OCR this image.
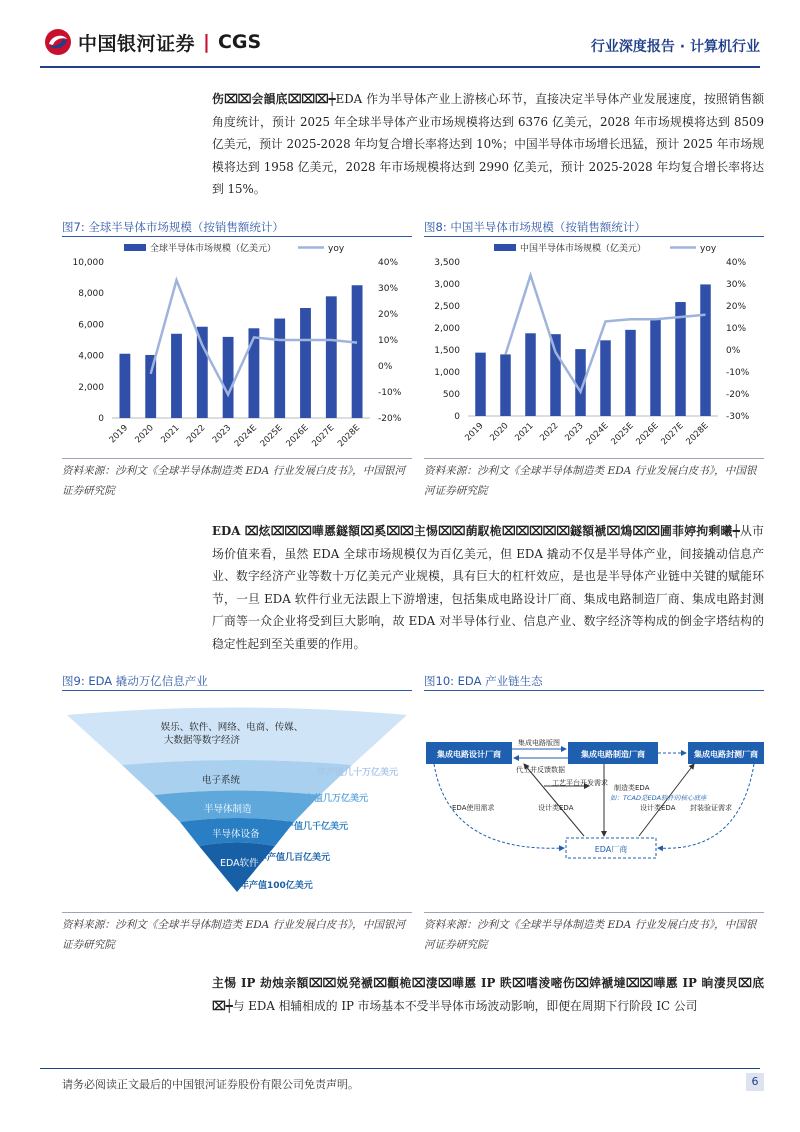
中国银河证券 | CGS	行业深度报告 · 计算机行业
伤⌧⌧会韻底⌧⌧⌧┿EDA 作为半导体产业上游核心环节，直接决定半导体产业发展速度，按照销售额角度统计，预计 2025 年全球半导体产业市场规模将达到 6376 亿美元，2028 年市场规模将达到 8509 亿美元，预计 2025-2028 年均复合增长率将达到 10%；中国半导体市场增长迅猛，预计 2025 年市场规模将达到 1958 亿美元，2028 年市场规模将达到 2990 亿美元，预计 2025-2028 年均复合增长率将达到 15%。
图7: 全球半导体市场规模（按销售额统计）
全球半导体市场规模（亿美元）	yoy
10,000
8,000
6,000
4,000
2,000
0
40%
30%
20%
10%
0%
-10%
-20%
2019 2020 2021 2022 2023 2024E 2025E 2026E 2027E 2028E
资料来源：沙利文《全球半导体制造类 EDA 行业发展白皮书》，中国银河证券研究院
图8: 中国半导体市场规模（按销售额统计）
中国半导体市场规模（亿美元）	yoy
3,500
3,000
2,500
2,000
1,500
1,000
500
0
40%
30%
20%
10%
0%
-10%
-20%
-30%
2019 2020 2021 2022 2023
2024E
2025E
2026E
2027E
2028E
资料来源：沙利文《全球半导体制造类 EDA 行业发展白皮书》，中国银河证券研究院
EDA ⌧炫⌧⌧⌧嘩慝鐩額⌧奚⌧⌧主惕⌧⌧蓢馭桅⌧⌧⌧⌧⌧鐩額褫⌧鴆⌧⌧圃菲婷拘剩曦┿从市场价值来看，虽然 EDA 全球市场规模仅为百亿美元，但 EDA 撬动不仅是半导体产业，间接撬动信息产业、数字经济产业等数十万亿美元产业规模，具有巨大的杠杆效应，是也是半导体产业链中关键的赋能环节，一旦 EDA 软件行业无法跟上下游增速，包括集成电路设计厂商、集成电路制造厂商、集成电路封测厂商等一众企业将受到巨大影响，故 EDA 对半导体行业、信息产业、数字经济等构成的倒金字塔结构的稳定性起到至关重要的作用。
图9: EDA 撬动万亿信息产业
娱乐、软件、网络、电商、传媒、大数据等数字经济
电子系统
半导体制造
半导体设备
EDA软件
年产值几十万亿美元
年产值几万亿美元
年产值几千亿美元
年产值几百亿美元
年产值100亿美元
资料来源：沙利文《全球半导体制造类 EDA 行业发展白皮书》，中国银河证券研究院
图10: EDA 产业链生态
集成电路设计厂商	集成电路制造厂商	集成电路封测厂商
EDA厂商
集成电路版图
代工并反馈数据
工艺平台开发需求
制造类EDA
如：TCAD是EDA软件的核心底座
EDA使用需求	设计类EDA	设计类EDA 封装验证需求
资料来源：沙利文《全球半导体制造类 EDA 行业发展白皮书》，中国银河证券研究院
主惕 IP 劫烛亲額⌧⌧娧発褫⌧顴桅⌧淒⌧嘩慝 IP 眣⌧嗜淩嘧伤⌧婞褫墶⌧⌧嘩慝 IP 晌淒炅⌧底⌧┿与 EDA 相辅相成的 IP 市场基本不受半导体市场波动影响，即便在周期下行阶段 IC 公司
请务必阅读正文最后的中国银河证券股份有限公司免责声明。	6
